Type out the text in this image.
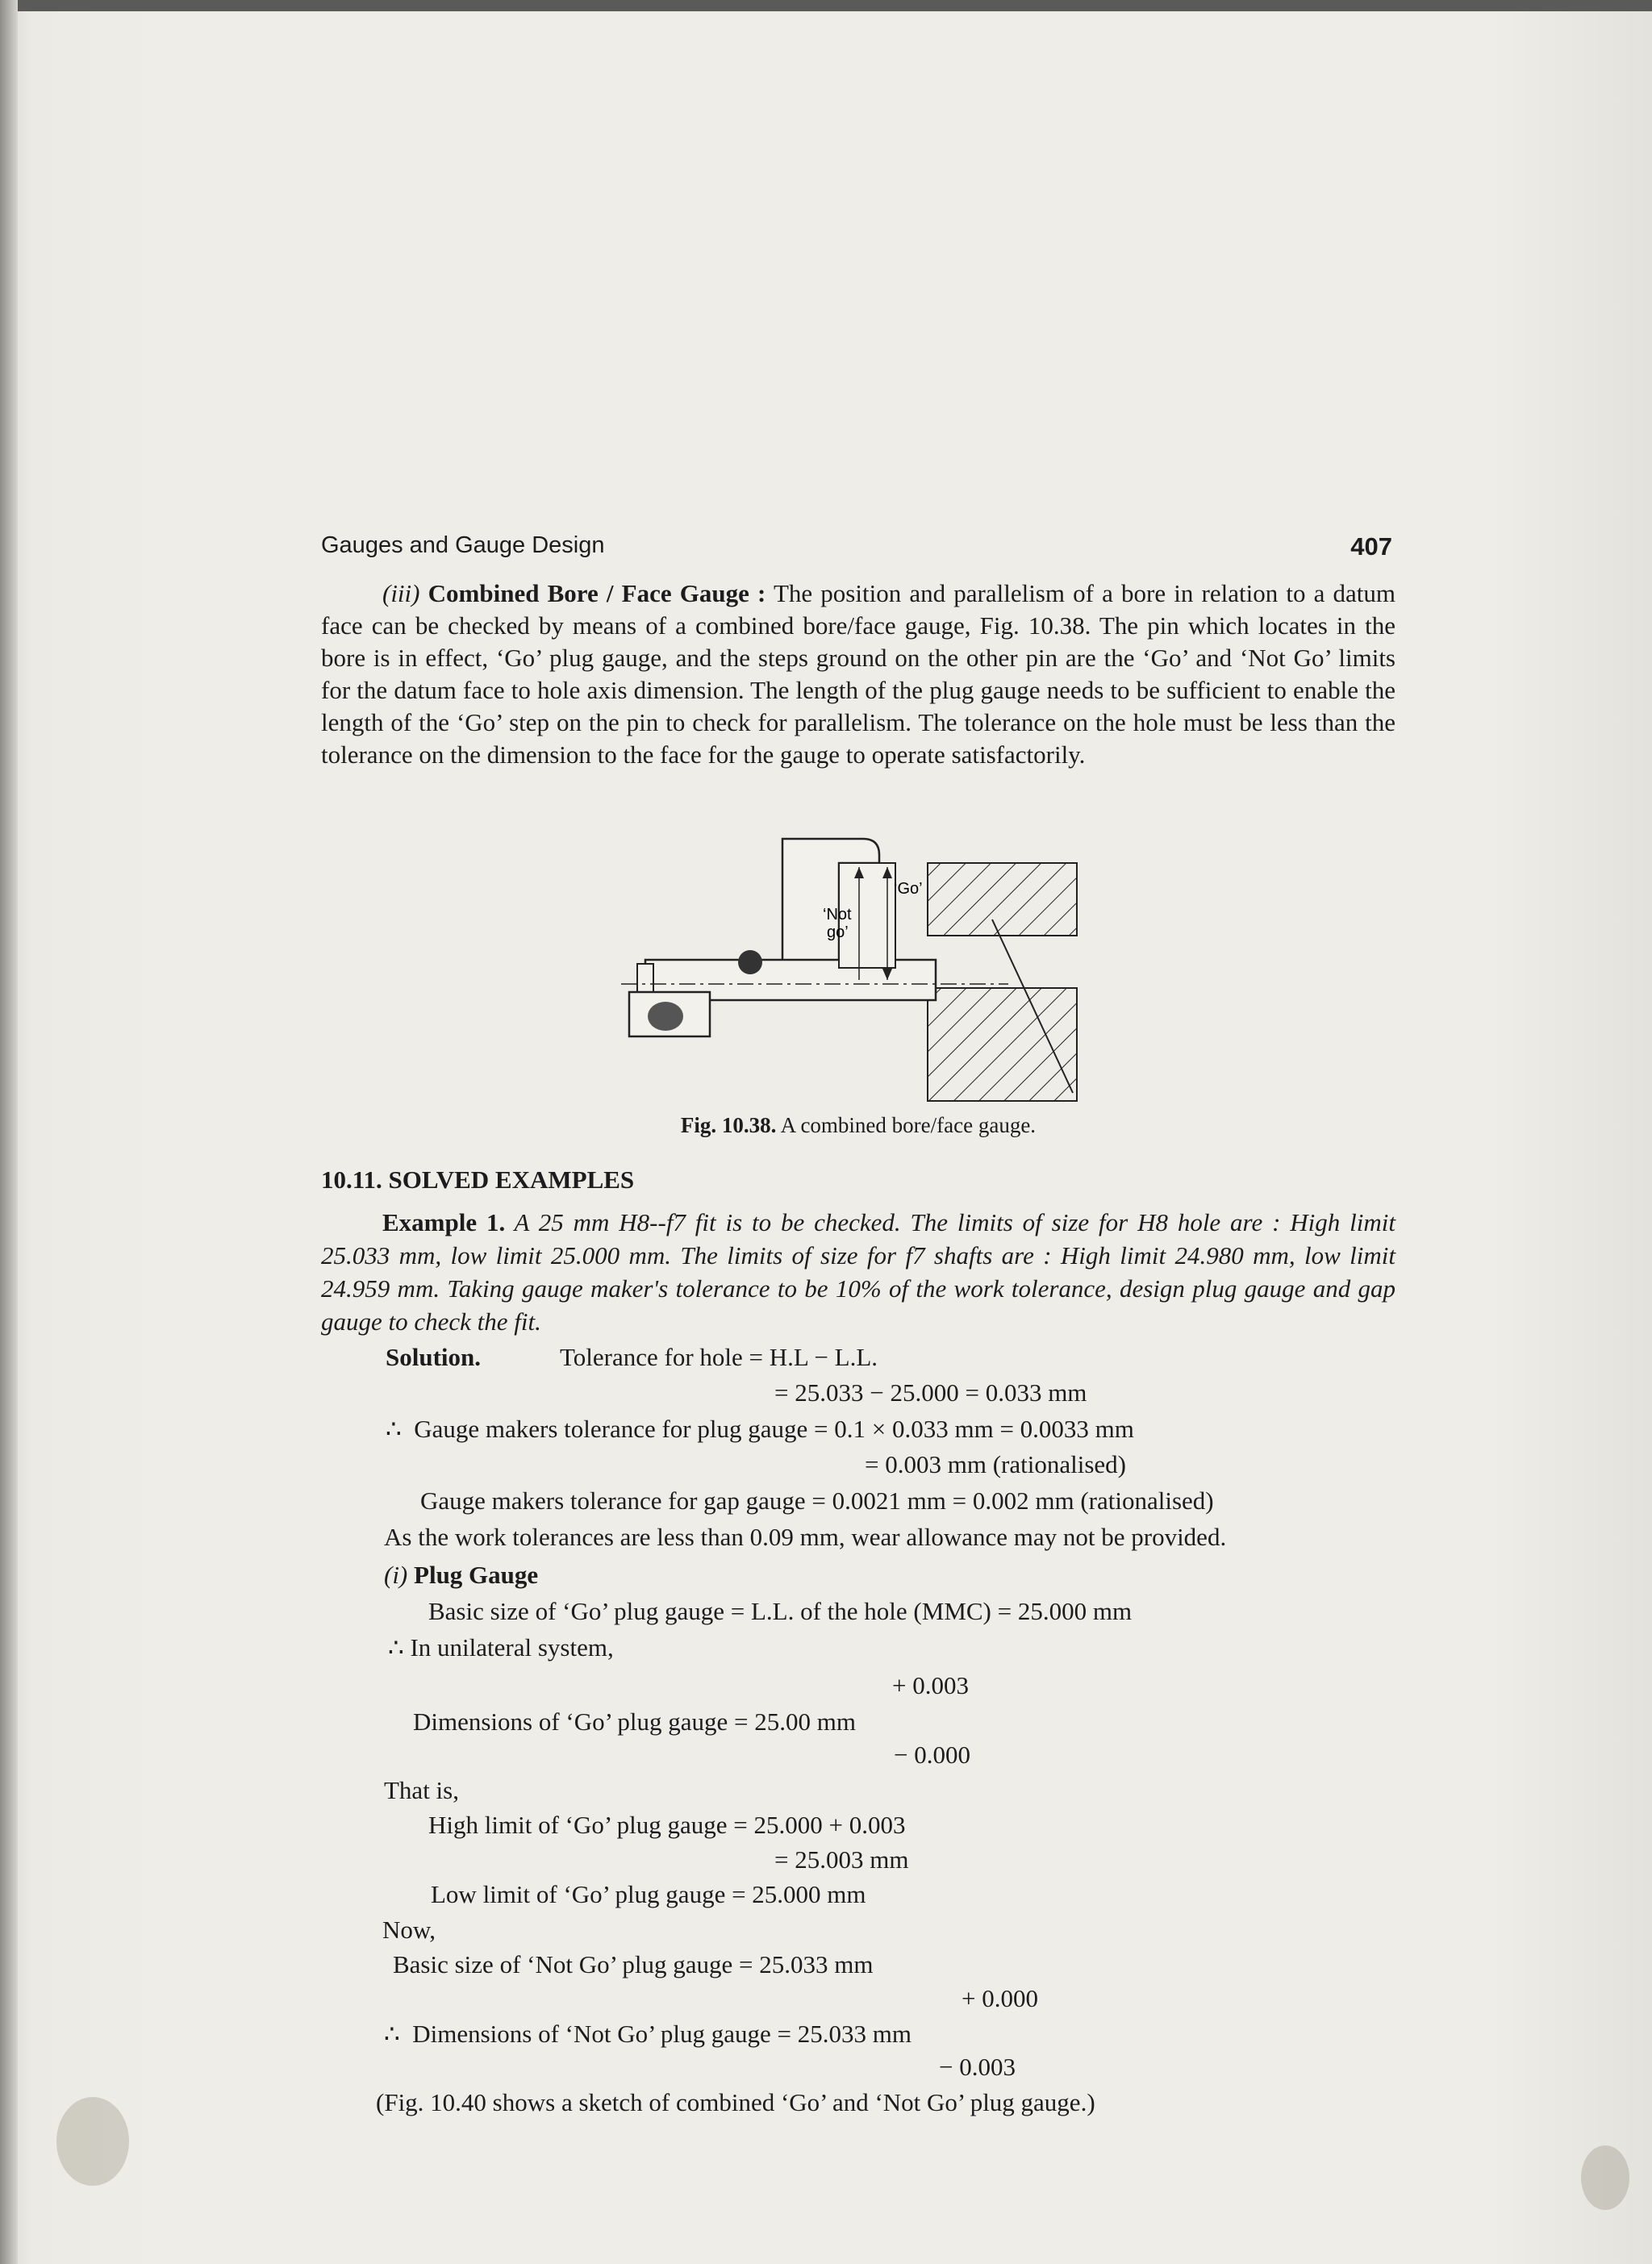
Gauges and Gauge Design	407
(iii) Combined Bore / Face Gauge : The position and parallelism of a bore in relation to a datum face can be checked by means of a combined bore/face gauge, Fig. 10.38. The pin which locates in the bore is in effect, ‘Go’ plug gauge, and the steps ground on the other pin are the ‘Go’ and ‘Not Go’ limits for the datum face to hole axis dimension. The length of the plug gauge needs to be sufficient to enable the length of the ‘Go’ step on the pin to check for parallelism. The tolerance on the hole must be less than the tolerance on the dimension to the face for the gauge to operate satisfactorily.
‘Go’
‘Not
go’
Fig. 10.38. A combined bore/face gauge.
10.11. SOLVED EXAMPLES
Example 1. A 25 mm H8--f7 fit is to be checked. The limits of size for H8 hole are : High limit 25.033 mm, low limit 25.000 mm. The limits of size for f7 shafts are : High limit 24.980 mm, low limit 24.959 mm. Taking gauge maker's tolerance to be 10% of the work tolerance, design plug gauge and gap gauge to check the fit.
Solution.	Tolerance for hole = H.L − L.L.
= 25.033 − 25.000 = 0.033 mm
∴  Gauge makers tolerance for plug gauge = 0.1 × 0.033 mm = 0.0033 mm
= 0.003 mm (rationalised)
Gauge makers tolerance for gap gauge = 0.0021 mm = 0.002 mm (rationalised)
As the work tolerances are less than 0.09 mm, wear allowance may not be provided.
(i) Plug Gauge
Basic size of ‘Go’ plug gauge = L.L. of the hole (MMC) = 25.000 mm
∴ In unilateral system,
+ 0.003
Dimensions of ‘Go’ plug gauge = 25.00 mm
− 0.000
That is,
High limit of ‘Go’ plug gauge = 25.000 + 0.003
= 25.003 mm
Low limit of ‘Go’ plug gauge = 25.000 mm
Now,
Basic size of ‘Not Go’ plug gauge = 25.033 mm
+ 0.000
∴  Dimensions of ‘Not Go’ plug gauge = 25.033 mm
− 0.003
(Fig. 10.40 shows a sketch of combined ‘Go’ and ‘Not Go’ plug gauge.)
